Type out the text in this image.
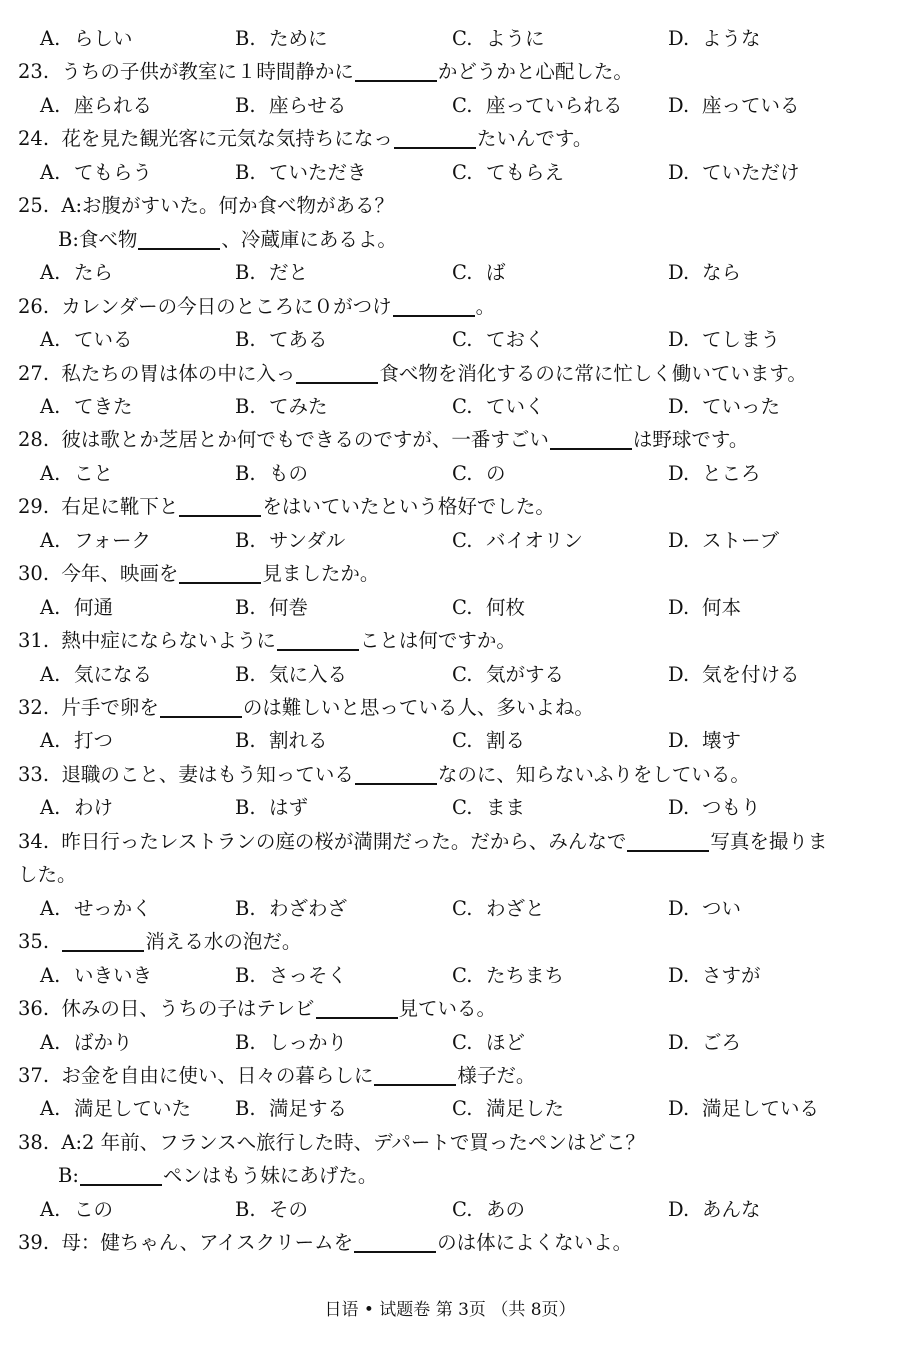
A. らしい	B. ために	C. ように	D. ような
23.  うちの子供が教室に１時間静かに	かどうかと心配した。
A. 座られる	B. 座らせる	C. 座っていられる D. 座っている
24.  花を見た観光客に元気な気持ちになっ	たいんです。
A. てもらう	B. ていただき	C. てもらえ	D. ていただけ
25.  A:お腹がすいた。何か食べ物がある？
B:食べ物	、冷蔵庫にあるよ。
A. たら	B. だと	C. ば	D. なら
26.  カレンダーの今日のところに０がつけ	。
A. ている	B. てある	C. ておく	D. てしまう
27.  私たちの胃は体の中に入っ	食べ物を消化するのに常に忙しく働いています。
A. てきた	B. てみた	C. ていく	D. ていった
28.  彼は歌とか芝居とか何でもできるのですが、一番すごい	は野球です。
A. こと	B. もの	C. の	D. ところ
29.  右足に靴下と	をはいていたという格好でした。
A. フォーク	B. サンダル	C. バイオリン	D. ストーブ
30.  今年、映画を	見ましたか。
A. 何通	B. 何巻	C. 何枚	D. 何本
31.  熱中症にならないように	ことは何ですか。
A. 気になる	B. 気に入る	C. 気がする	D. 気を付ける
32.  片手で卵を	のは難しいと思っている人、多いよね。
A. 打つ	B. 割れる	C. 割る	D. 壊す
33.  退職のこと、妻はもう知っている	なのに、知らないふりをしている。
A. わけ	B. はず	C. まま	D. つもり
34.  昨日行ったレストランの庭の桜が満開だった。だから、みんなで	写真を撮りま
した。
A. せっかく	B. わざわざ	C. わざと	D. つい
35.	消える水の泡だ。
A. いきいき	B. さっそく	C. たちまち	D. さすが
36.  休みの日、うちの子はテレビ	見ている。
A. ばかり	B. しっかり	C. ほど	D. ごろ
37.  お金を自由に使い、日々の暮らしに	様子だ。
A. 満足していた B. 満足する	C. 満足した	D. 満足している
38.  A:2 年前、フランスへ旅行した時、デパートで買ったペンはどこ？
B:	ペンはもう妹にあげた。
A. この	B. その	C. あの	D. あんな
39.  母：健ちゃん、アイスクリームを	のは体によくないよ。
日语 • 试题卷 第 3页 （共 8页）
